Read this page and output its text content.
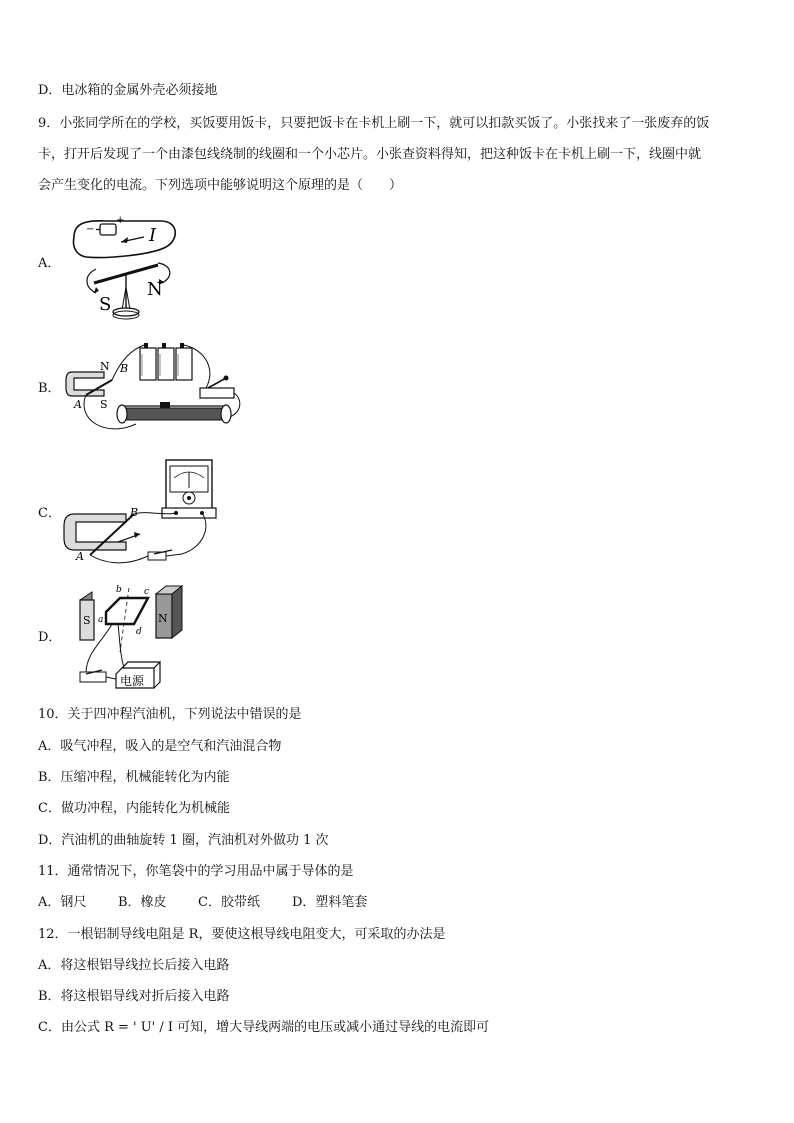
D．电冰箱的金属外壳必须接地
9．小张同学所在的学校，买饭要用饭卡，只要把饭卡在卡机上刷一下，就可以扣款买饭了。小张找来了一张废弃的饭
卡，打开后发现了一个由漆包线绕制的线圈和一个小芯片。小张查资料得知，把这种饭卡在卡机上刷一下，线圈中就
会产生变化的电流。下列选项中能够说明这个原理的是（　　）
A．
−
+
I
S
N
B．
N
S
A
B
C．	B
A
D．
S	N
b c
a
d
电源
10．关于四冲程汽油机，下列说法中错误的是
A．吸气冲程，吸入的是空气和汽油混合物
B．压缩冲程，机械能转化为内能
C．做功冲程，内能转化为机械能
D．汽油机的曲轴旋转 1 圈，汽油机对外做功 1 次
11．通常情况下，你笔袋中的学习用品中属于导体的是
A．钢尺 B．橡皮 C．胶带纸 D．塑料笔套
12．一根铝制导线电阻是 R，要使这根导线电阻变大，可采取的办法是
A．将这根铝导线拉长后接入电路
B．将这根铝导线对折后接入电路
C．由公式 R = ' U' / I 可知，增大导线两端的电压或减小通过导线的电流即可
